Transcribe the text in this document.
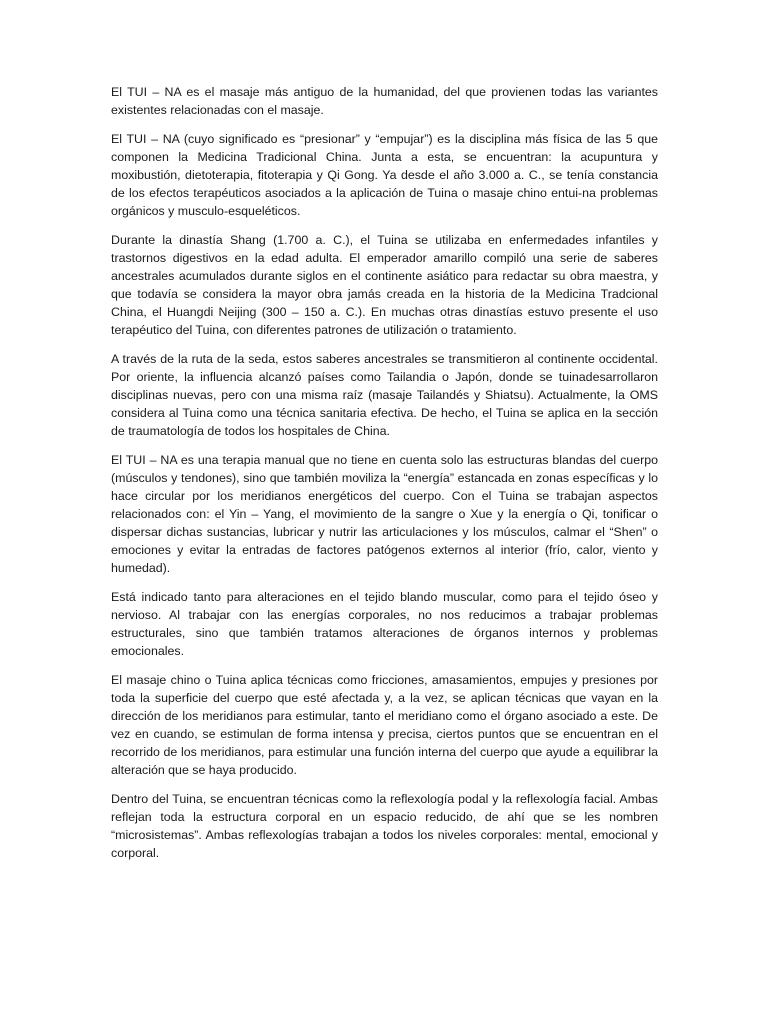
El TUI – NA es el masaje más antiguo de la humanidad, del que provienen todas las variantes existentes relacionadas con el masaje.

El TUI – NA (cuyo significado es “presionar” y “empujar”) es la disciplina más física de las 5 que componen la Medicina Tradicional China. Junta a esta, se encuentran: la acupuntura y moxibustión, dietoterapia, fitoterapia y Qi Gong. Ya desde el año 3.000 a. C., se tenía constancia de los efectos terapéuticos asociados a la aplicación de Tuina o masaje chino entui-na problemas orgánicos y musculo-esqueléticos.

Durante la dinastía Shang (1.700 a. C.), el Tuina se utilizaba en enfermedades infantiles y trastornos digestivos en la edad adulta. El emperador amarillo compiló una serie de saberes ancestrales acumulados durante siglos en el continente asiático para redactar su obra maestra, y que todavía se considera la mayor obra jamás creada en la historia de la Medicina Tradcional China, el Huangdi Neijing (300 – 150 a. C.). En muchas otras dinastías estuvo presente el uso terapéutico del Tuina, con diferentes patrones de utilización o tratamiento.

A través de la ruta de la seda, estos saberes ancestrales se transmitieron al continente occidental. Por oriente, la influencia alcanzó países como Tailandia o Japón, donde se tuinadesarrollaron disciplinas nuevas, pero con una misma raíz (masaje Tailandés y Shiatsu). Actualmente, la OMS considera al Tuina como una técnica sanitaria efectiva. De hecho, el Tuina se aplica en la sección de traumatología de todos los hospitales de China.

El TUI – NA es una terapia manual que no tiene en cuenta solo las estructuras blandas del cuerpo (músculos y tendones), sino que también moviliza la “energía” estancada en zonas específicas y lo hace circular por los meridianos energéticos del cuerpo. Con el Tuina se trabajan aspectos relacionados con: el Yin – Yang, el movimiento de la sangre o Xue y la energía o Qi, tonificar o dispersar dichas sustancias, lubricar y nutrir las articulaciones y los músculos, calmar el “Shen” o emociones y evitar la entradas de factores patógenos externos al interior (frío, calor, viento y humedad).

Está indicado tanto para alteraciones en el tejido blando muscular, como para el tejido óseo y nervioso. Al trabajar con las energías corporales, no nos reducimos a trabajar problemas estructurales, sino que también tratamos alteraciones de órganos internos y problemas emocionales.

El masaje chino o Tuina aplica técnicas como fricciones, amasamientos, empujes y presiones por toda la superficie del cuerpo que esté afectada y, a la vez, se aplican técnicas que vayan en la dirección de los meridianos para estimular, tanto el meridiano como el órgano asociado a este. De vez en cuando, se estimulan de forma intensa y precisa, ciertos puntos que se encuentran en el recorrido de los meridianos, para estimular una función interna del cuerpo que ayude a equilibrar la alteración que se haya producido.

Dentro del Tuina, se encuentran técnicas como la reflexología podal y la reflexología facial. Ambas reflejan toda la estructura corporal en un espacio reducido, de ahí que se les nombren “microsistemas”. Ambas reflexologías trabajan a todos los niveles corporales: mental, emocional y corporal.
